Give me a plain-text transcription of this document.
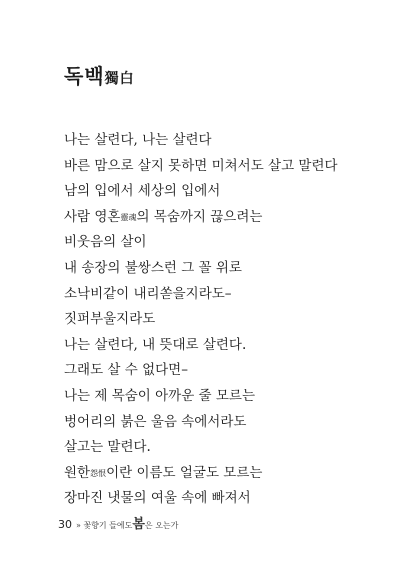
독백獨白
나는 살련다, 나는 살련다
바른 맘으로 살지 못하면 미쳐서도 살고 말련다
남의 입에서 세상의 입에서
사람 영혼靈魂의 목숨까지 끊으려는
비웃음의 살이
내 송장의 불쌍스런 그 꼴 위로
소낙비같이 내리쏟을지라도–
짓퍼부울지라도
나는 살련다, 내 뜻대로 살련다.
그래도 살 수 없다면–
나는 제 목숨이 아까운 줄 모르는
벙어리의 붉은 울음 속에서라도
살고는 말련다.
원한怨恨이란 이름도 얼굴도 모르는
장마진 냇물의 여울 속에 빠져서
30 » 꽃향기 들에도봄은 오는가
